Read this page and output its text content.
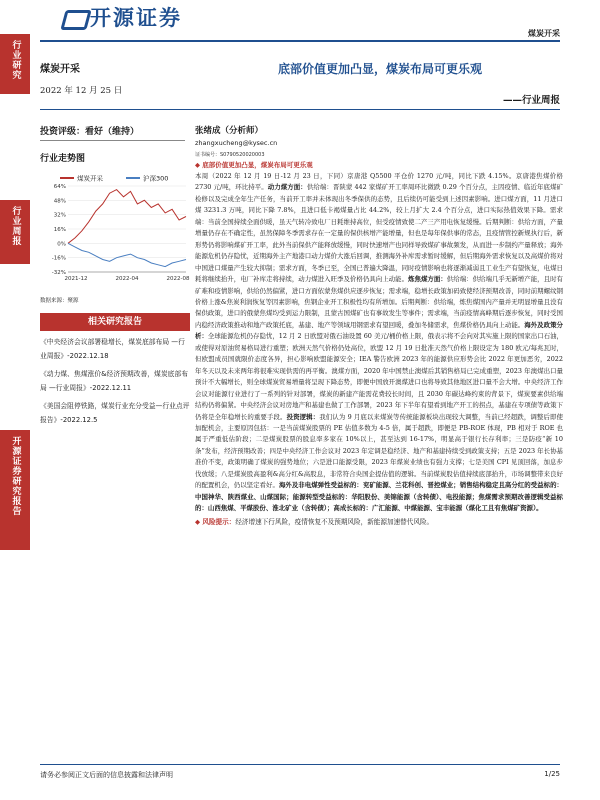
开源证券
煤炭开采
行业研究
行业周报
开源证券研究报告
煤炭开采
2022 年 12 月 25 日
底部价值更加凸显，煤炭布局可更乐观
——行业周报
投资评级：看好（维持）
行业走势图
煤炭开采	沪深300
64%
48%
32%
16%
0%
-16%
-32%
2021-12	2022-04	2022-08
数据来源：聚源
相关研究报告
《中央经济会议部署稳增长，煤炭底部布局 —行业周报》-2022.12.18
《动力煤、焦煤涨价&经济预期改善，煤炭底部布局 —行业周报》-2022.12.11
《美国会阻停铁路，煤炭行业充分受益—行业点评报告》-2022.12.5
张绪成（分析师）
zhangxucheng@kysec.cn
证书编号：S0790520020003
◆ 底部价值更加凸显，煤炭布局可更乐观
本周（2022 年 12 月 19 日-12 月 23 日，下同）京唐港 Q5500 平仓价 1270 元/吨，同比下跌 4.15%。京唐港焦煤价格 2730 元/吨，环比持平。动力煤方面：供给端：晋陕蒙 442 家煤矿开工率周环比微跌 0.29 个百分点，主因疫情、临近年底煤矿检修以及完成全年生产任务，当前开工率并未体现出冬季保供的态势，且后续仍可能受到上述因素影响。进口煤方面，11 月进口煤 3231.3 万吨，同比下降 7.8%，且进口低卡褐煤量占比 44.2%，较上月扩大 2.4 个百分点，进口实际热值效果下降。需求端：当前全国持续全面供暖，虽天气转冷致电厂日耗维持高位，但受疫情致使二产三产用电恢复缓慢。后期判断：供给方面，产量增量仍存在不确定性，虽然保障冬季需求存在一定量的保供核增产能增量，但也是每年保供事的常态，且疫情管控新规执行后，新形势仍将影响煤矿开工率，此外当前保供产能释放缓慢，同时快速增产也同样导致煤矿事故频发，从而进一步制约产量释放；海外能源危机仍存隐忧，近期海外主产地港口动力煤价大涨后回调，推测海外补库需求暂时缓解，但后期海外需求恢复以及高煤价将对中国进口煤量产生较大抑制；需求方面，冬季已至，全国已普遍大降温，同时疫情影响也将逐渐减弱且工业生产有望恢复，电煤日耗将继续抬升，电厂补库走将持续，动力煤进入旺季及价格仍具向上动能。炼焦煤方面：供给端：供给端几乎无新增产能，且时有矿难和疫情影响，供给仍然偏紧，进口方面依蒙焦煤供应逐步恢复；需求端，稳增长政策加码致使经济预期改善，同时前期螺纹钢价格上涨&焦炭利润恢复等因素影响，焦钢企业开工积极性均有所增加。后期判断：供给端，炼焦煤国内产量并无明显增量且没有保供政策，进口的俄蒙焦煤均受到运力限制，且蒙古国煤矿也有事故发生等事件；需求端，当前疫情高峰期后逐步恢复，同时受国内稳经济政策推动和地产政策托底，基建、地产等领域用钢需求有望回暖，叠加冬储需求，焦煤价格仍具向上动能。海外及政策分析：全球能源危机仍存隐忧，12 月 2 日欧盟对俄石油设置 60 美元/桶价格上限，俄表示将不会向对其实施上限的国家出口石油，或使得对原油贸易格局进行重塑；欧洲天然气价格仍处高位，欧盟 12 月 19 日批准天然气价格上限设定为 180 欧元/每兆瓦时，但欧盟成员国就限价态度各异，担心影响欧盟能源安全；IEA 警告欧洲 2023 年的能源供应形势会比 2022 年更加恶劣，2022 年冬天以及未来两年将很难实现供需的再平衡。澳煤方面，2020 年中国禁止澳煤后其销售格局已完成重塑，2023 年澳煤出口量预计不大幅增长，则全球煤炭贸易增量将呈现下降态势，即便中国放开澳煤进口也将导致其他地区进口量不会大增。中央经济工作会议对能源行业进行了一系列的针对部署，煤炭的新建产能需花费较长时间，且 2030 年碳达峰约束的背景下，煤炭要素供给端结构仍将偏紧。中央经济会议对房地产和基建也做了工作部署，2023 年下半年有望看到地产开工的拐点，基建在专项债等政策下仍将是全年稳增长的重要手段。投资逻辑：我们认为 9 月底以来煤炭等传统能源板块出现较大调整，当前已经超跌，调整后即使加配机会，主要原因包括：一是当前煤炭股票的 PE 估值多数为 4-5 倍，属于超跌，即便是 PB-ROE 体现，PB 相对于 ROE 也属于严重低估阶段；二是煤炭股票的股息率多家在 10%以上，甚至达到 16-17%，明显高于银行长存利率；三是防疫“新 10 条”发布，经济预期改善；四是中央经济工作会议对 2023 年定调是稳经济、地产和基建持续受到政策支持；五是 2023 年长协基准价不变，政策明确了煤炭的强势地位；六是进口能源受限，2023 年煤炭业绩也有强力支撑；七是美国 CPI 见顶回落，加息步伐放缓；八是煤炭股高盈利&高分红&高股息，非常符合央国企提估值的逻辑。当前煤炭股估值持续底部抬升，市场调整带来良好的配置机会，仍以坚定看好。海外及非电煤弹性受益标的：兖矿能源、兰花科创、晋控煤业；销售结构稳定且高分红的受益标的：中国神华、陕西煤业、山煤国际；能源转型受益标的：华阳股份、美锦能源（含转债）、电投能源；焦煤需求预期改善逻辑受益标的：山西焦煤、平煤股份、淮北矿业（含转债）；高成长标的：广汇能源、中煤能源、宝丰能源（煤化工且有焦煤矿资源）。
◆ 风险提示：经济增速下行风险，疫情恢复不及预期风险，新能源加速替代风险。
请务必参阅正文后面的信息披露和法律声明	1/25
